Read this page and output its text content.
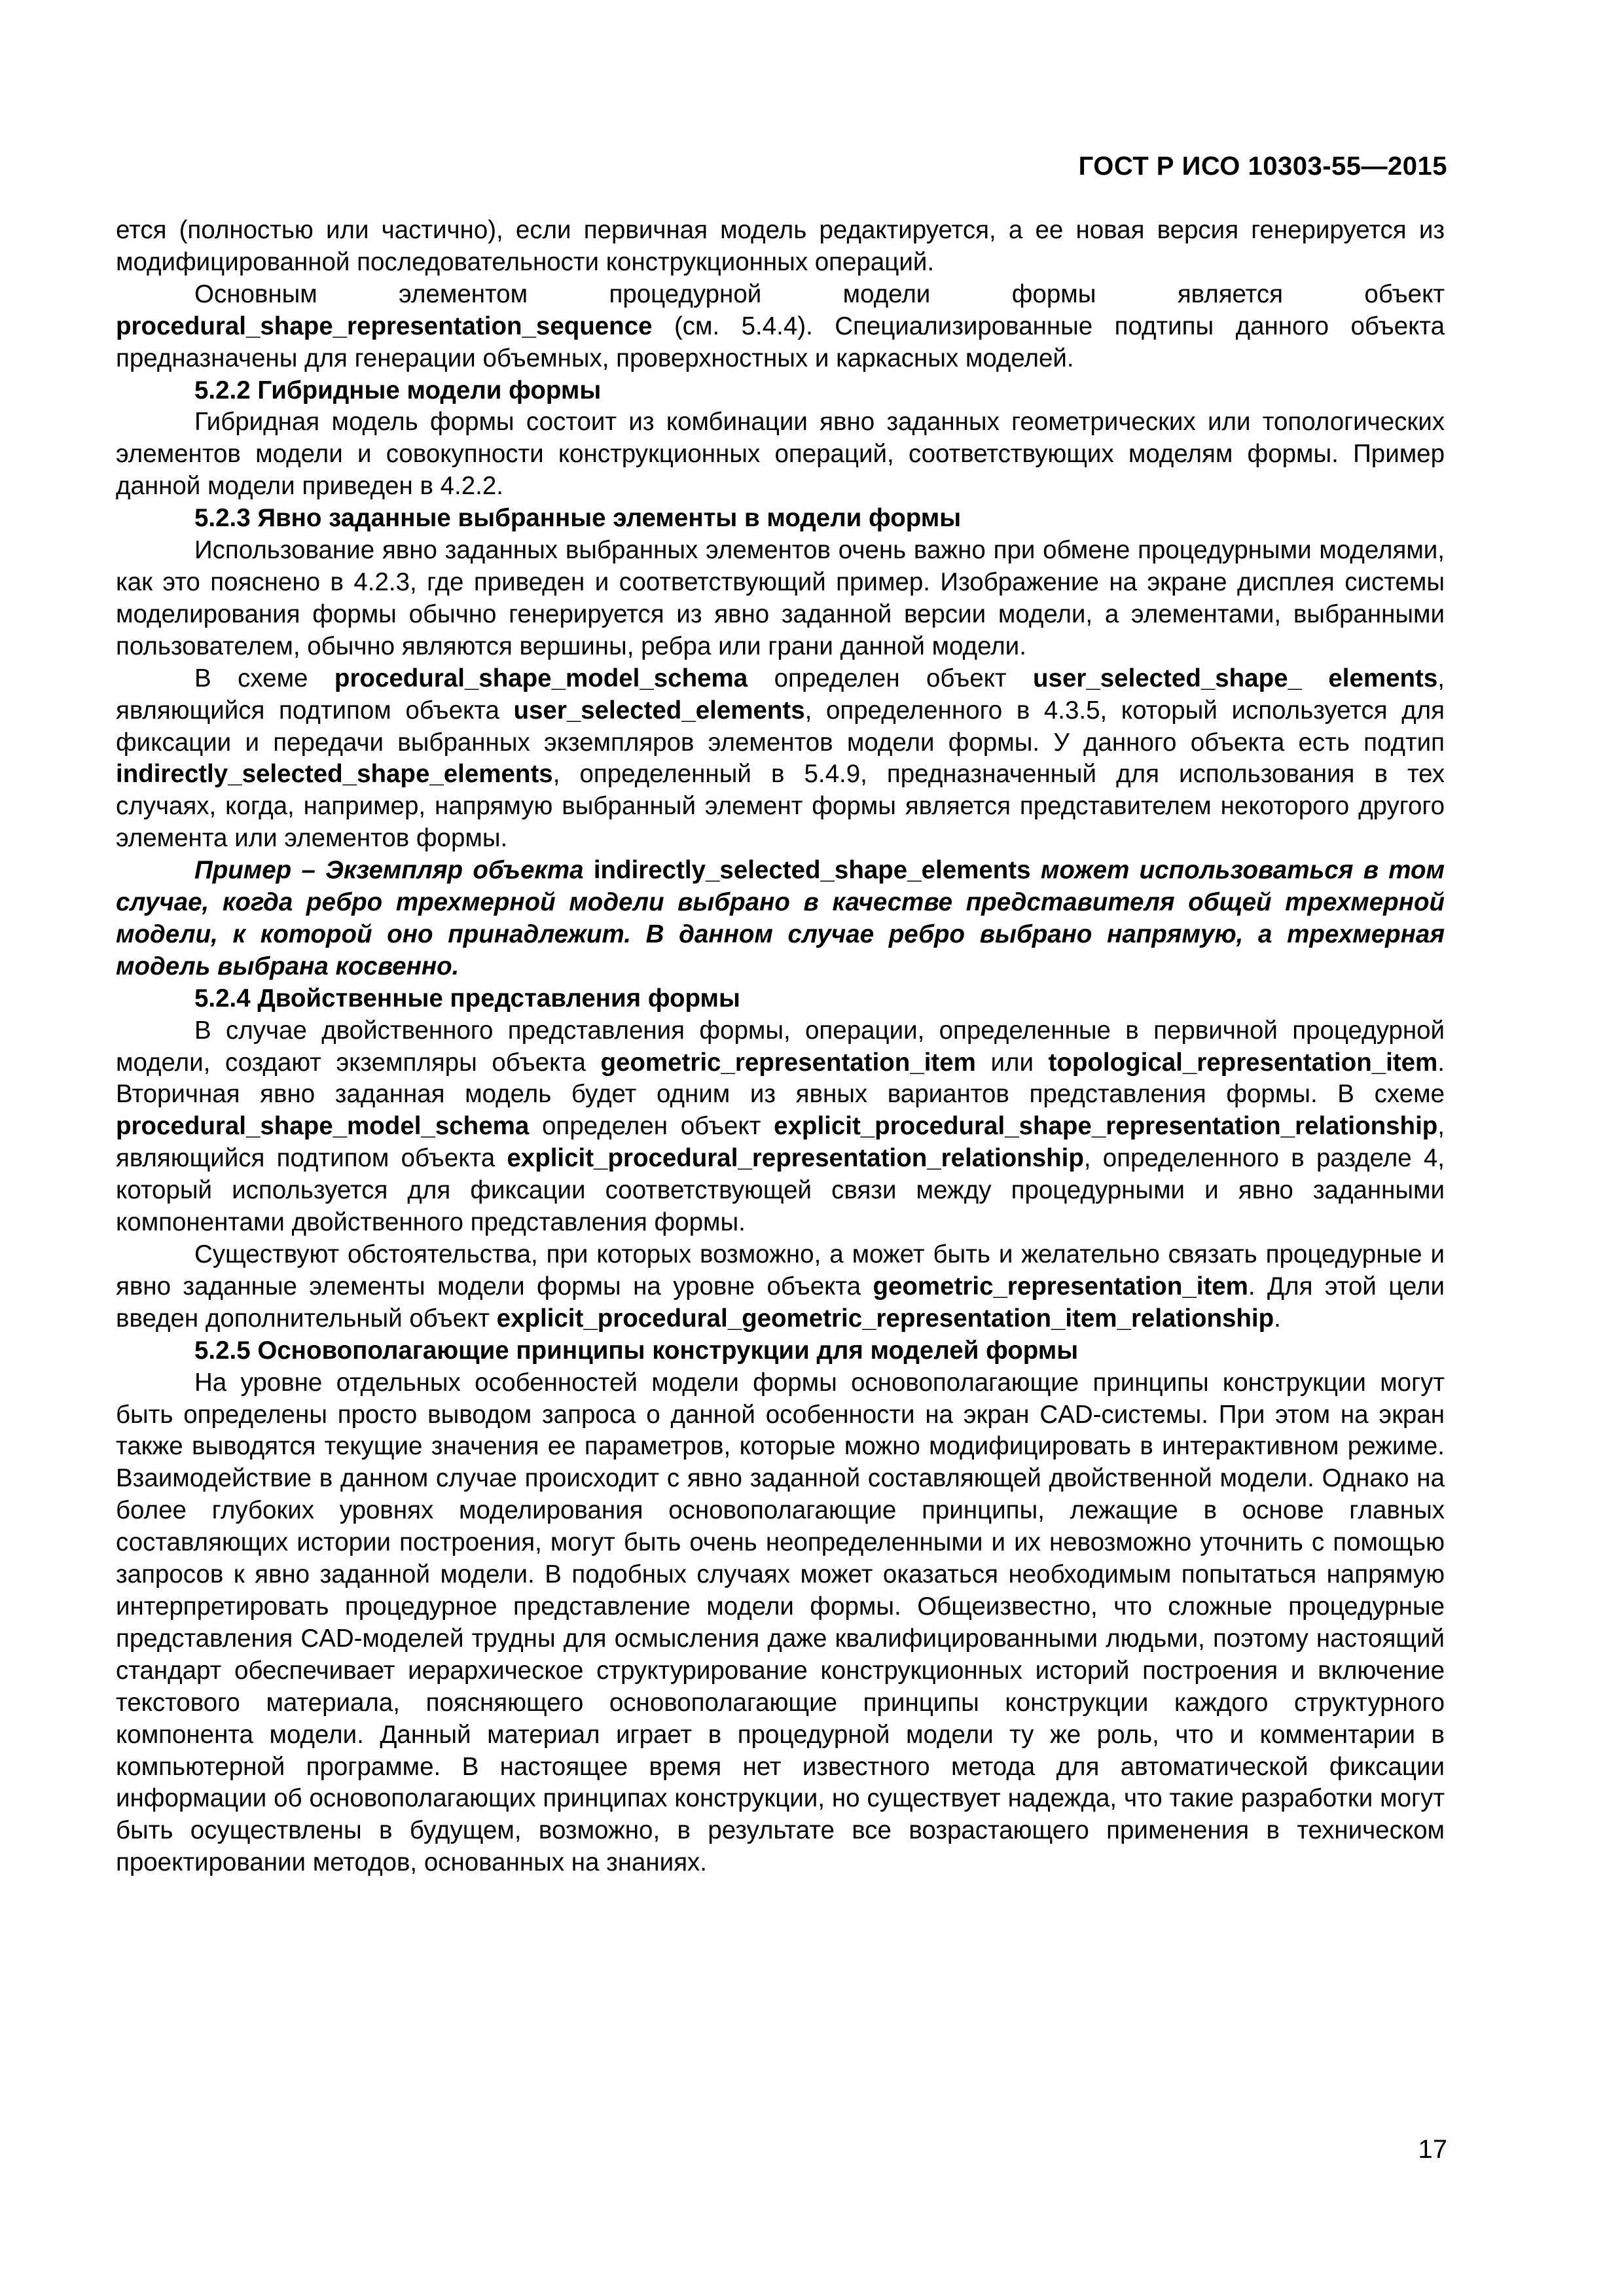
ГОСТ Р ИСО 10303-55—2015

ется (полностью или частично), если первичная модель редактируется, а ее новая версия генерируется из модифицированной последовательности конструкционных операций.

Основным элементом процедурной модели формы является объект procedural_shape_representation_sequence (см. 5.4.4). Специализированные подтипы данного объекта предназначены для генерации объемных, проверхностных и каркасных моделей.

5.2.2 Гибридные модели формы

Гибридная модель формы состоит из комбинации явно заданных геометрических или топологических элементов модели и совокупности конструкционных операций, соответствующих моделям формы. Пример данной модели приведен в 4.2.2.

5.2.3 Явно заданные выбранные элементы в модели формы

Использование явно заданных выбранных элементов очень важно при обмене процедурными моделями, как это пояснено в 4.2.3, где приведен и соответствующий пример. Изображение на экране дисплея системы моделирования формы обычно генерируется из явно заданной версии модели, а элементами, выбранными пользователем, обычно являются вершины, ребра или грани данной модели.

В схеме procedural_shape_model_schema определен объект user_selected_shape_ elements, являющийся подтипом объекта user_selected_elements, определенного в 4.3.5, который используется для фиксации и передачи выбранных экземпляров элементов модели формы. У данного объекта есть подтип indirectly_selected_shape_elements, определенный в 5.4.9, предназначенный для использования в тех случаях, когда, например, напрямую выбранный элемент формы является представителем некоторого другого элемента или элементов формы.

Пример – Экземпляр объекта indirectly_selected_shape_elements может использоваться в том случае, когда ребро трехмерной модели выбрано в качестве представителя общей трехмерной модели, к которой оно принадлежит. В данном случае ребро выбрано напрямую, а трехмерная модель выбрана косвенно.

5.2.4 Двойственные представления формы

В случае двойственного представления формы, операции, определенные в первичной процедурной модели, создают экземпляры объекта geometric_representation_item или topological_representation_item. Вторичная явно заданная модель будет одним из явных вариантов представления формы. В схеме procedural_shape_model_schema определен объект explicit_procedural_shape_representation_relationship, являющийся подтипом объекта explicit_procedural_representation_relationship, определенного в разделе 4, который используется для фиксации соответствующей связи между процедурными и явно заданными компонентами двойственного представления формы.

Существуют обстоятельства, при которых возможно, а может быть и желательно связать процедурные и явно заданные элементы модели формы на уровне объекта geometric_representation_item. Для этой цели введен дополнительный объект explicit_procedural_geometric_representation_item_relationship.

5.2.5 Основополагающие принципы конструкции для моделей формы

На уровне отдельных особенностей модели формы основополагающие принципы конструкции могут быть определены просто выводом запроса о данной особенности на экран CAD-системы. При этом на экран также выводятся текущие значения ее параметров, которые можно модифицировать в интерактивном режиме. Взаимодействие в данном случае происходит с явно заданной составляющей двойственной модели. Однако на более глубоких уровнях моделирования основополагающие принципы, лежащие в основе главных составляющих истории построения, могут быть очень неопределенными и их невозможно уточнить с помощью запросов к явно заданной модели. В подобных случаях может оказаться необходимым попытаться напрямую интерпретировать процедурное представление модели формы. Общеизвестно, что сложные процедурные представления CAD-моделей трудны для осмысления даже квалифицированными людьми, поэтому настоящий стандарт обеспечивает иерархическое структурирование конструкционных историй построения и включение текстового материала, поясняющего основополагающие принципы конструкции каждого структурного компонента модели. Данный материал играет в процедурной модели ту же роль, что и комментарии в компьютерной программе. В настоящее время нет известного метода для автоматической фиксации информации об основополагающих принципах конструкции, но существует надежда, что такие разработки могут быть осуществлены в будущем, возможно, в результате все возрастающего применения в техническом проектировании методов, основанных на знаниях.

17
